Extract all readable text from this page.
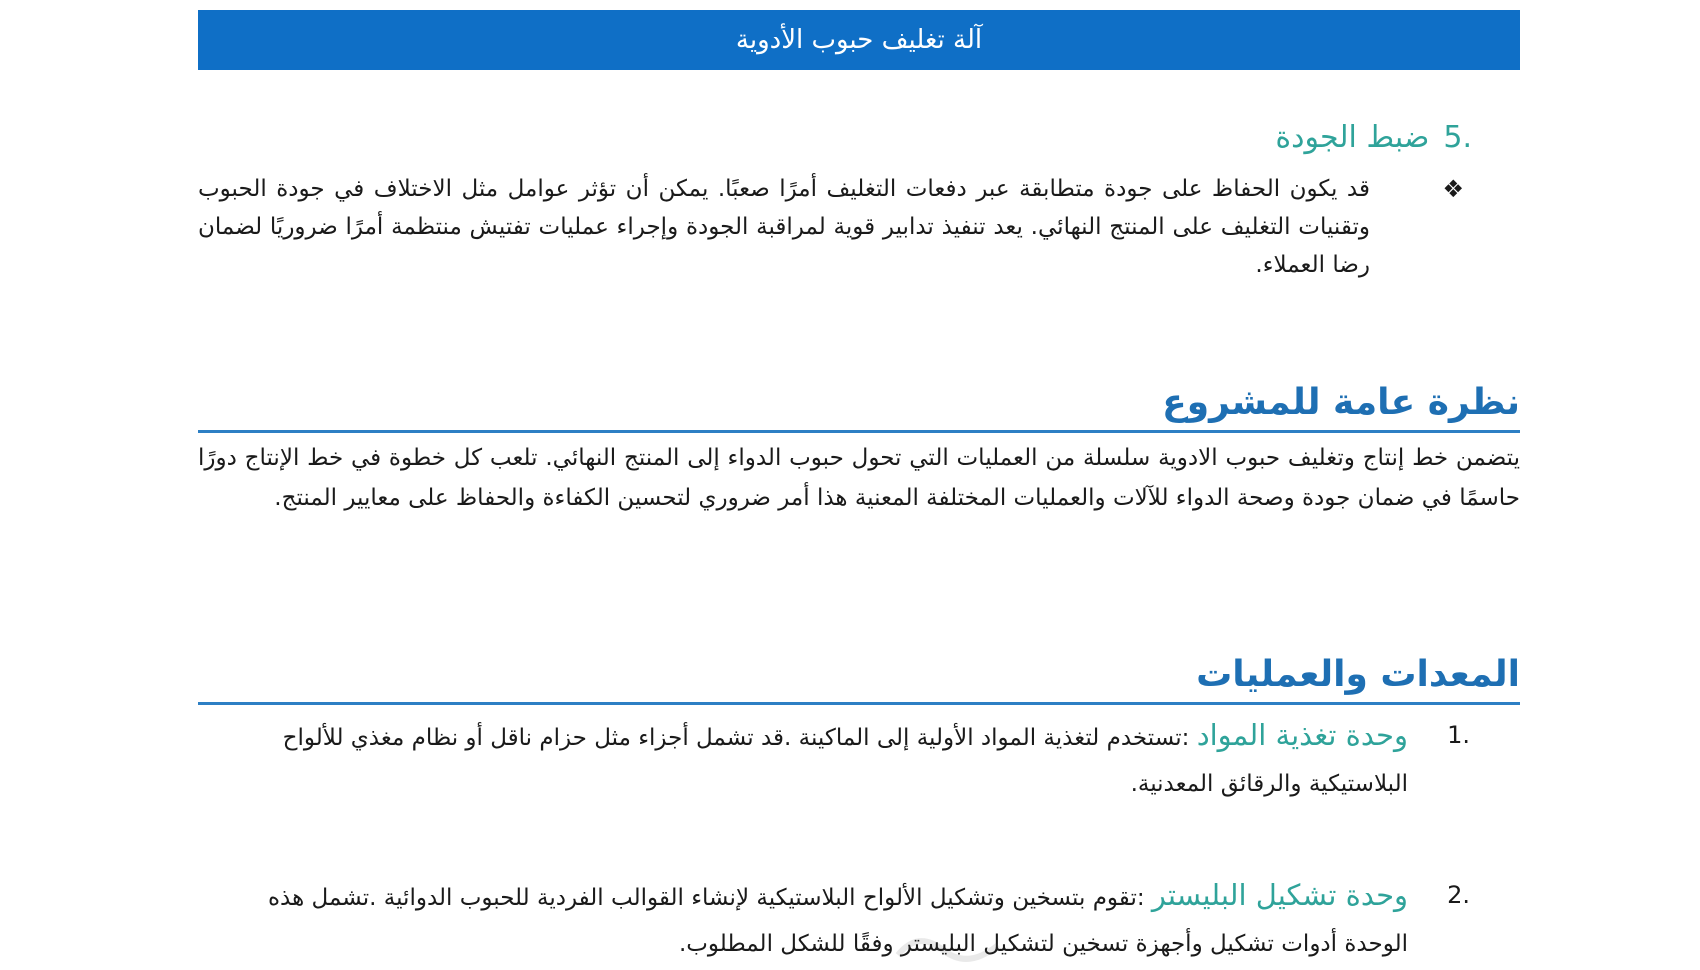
آلة تغليف حبوب الأدوية
.5ضبط الجودة
❖

قد يكون الحفاظ على جودة متطابقة عبر دفعات التغليف أمرًا صعبًا. يمكن أن تؤثر عوامل مثل الاختلاف في جودة الحبوب وتقنيات التغليف على المنتج النهائي. يعد تنفيذ تدابير قوية لمراقبة الجودة وإجراء عمليات تفتيش منتظمة أمرًا ضروريًا لضمان رضا العملاء.

نظرة عامة للمشروع

يتضمن خط إنتاج وتغليف حبوب الادوية سلسلة من العمليات التي تحول حبوب الدواء إلى المنتج النهائي. تلعب كل خطوة في خط الإنتاج دورًا حاسمًا في ضمان جودة وصحة الدواء للآلات والعمليات المختلفة المعنية هذا أمر ضروري لتحسين الكفاءة والحفاظ على معايير المنتج.

المعدات والعمليات
.1

وحدة تغذية المواد :تستخدم لتغذية المواد الأولية إلى الماكينة .قد تشمل أجزاء مثل حزام ناقل أو نظام مغذي للألواح البلاستيكية والرقائق المعدنية.

.2

وحدة تشكيل البليستر :تقوم بتسخين وتشكيل الألواح البلاستيكية لإنشاء القوالب الفردية للحبوب الدوائية .تشمل هذه الوحدة أدوات تشكيل وأجهزة تسخين لتشكيل البليستر وفقًا للشكل المطلوب.
